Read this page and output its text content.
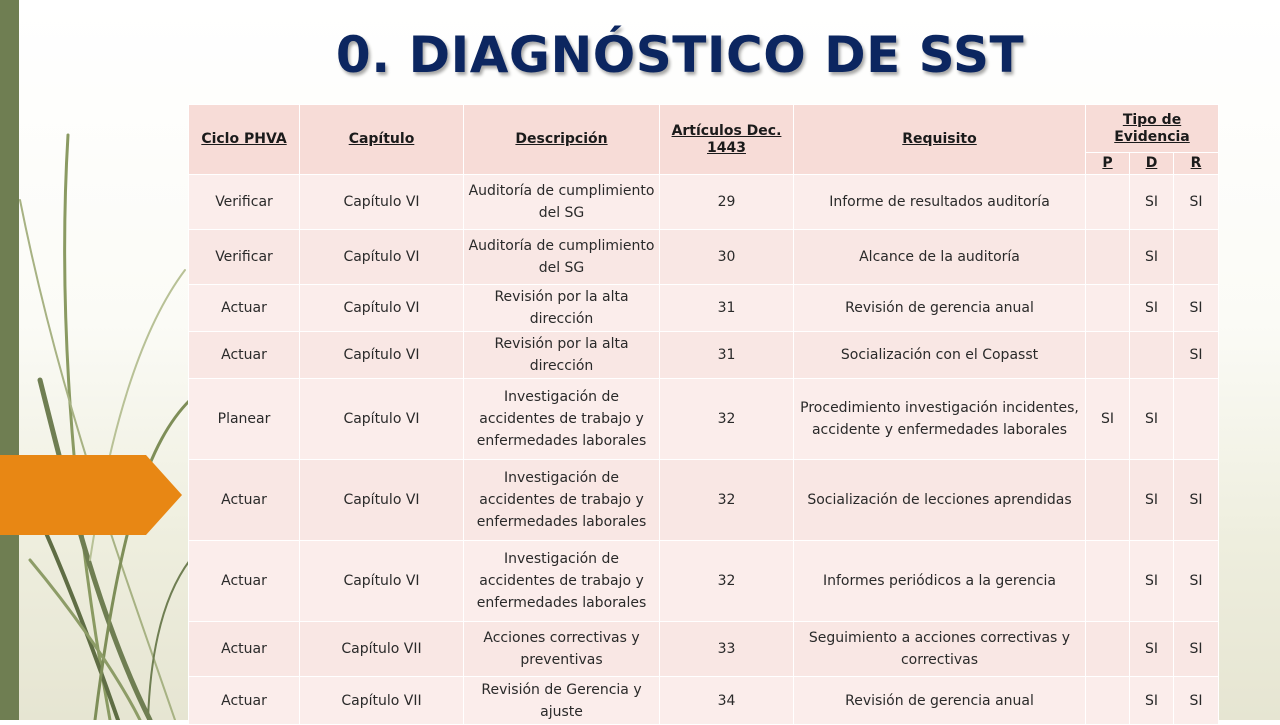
0. DIAGNÓSTICO DE SST
Ciclo PHVA	Capítulo	Descripción	Artículos Dec. 1443	Requisito	Tipo de Evidencia		
					P	D	R
Verificar	Capítulo VI	Auditoría de cumplimiento del SG	29	Informe de resultados auditoría		SI	SI
Verificar	Capítulo VI	Auditoría de cumplimiento del SG	30	Alcance de la auditoría		SI	
Actuar	Capítulo VI	Revisión por la alta dirección	31	Revisión de gerencia anual		SI	SI
Actuar	Capítulo VI	Revisión por la alta dirección	31	Socialización con el Copasst			SI
Planear	Capítulo VI	Investigación de accidentes de trabajo y enfermedades laborales	32	Procedimiento investigación incidentes, accidente y enfermedades laborales	SI	SI	
Actuar	Capítulo VI	Investigación de accidentes de trabajo y enfermedades laborales	32	Socialización de lecciones aprendidas		SI	SI
Actuar	Capítulo VI	Investigación de accidentes de trabajo y enfermedades laborales	32	Informes periódicos a la gerencia		SI	SI
Actuar	Capítulo VII	Acciones correctivas y preventivas	33	Seguimiento a acciones correctivas y correctivas		SI	SI
Actuar	Capítulo VII	Revisión de Gerencia y ajuste	34	Revisión de gerencia anual		SI	SI
